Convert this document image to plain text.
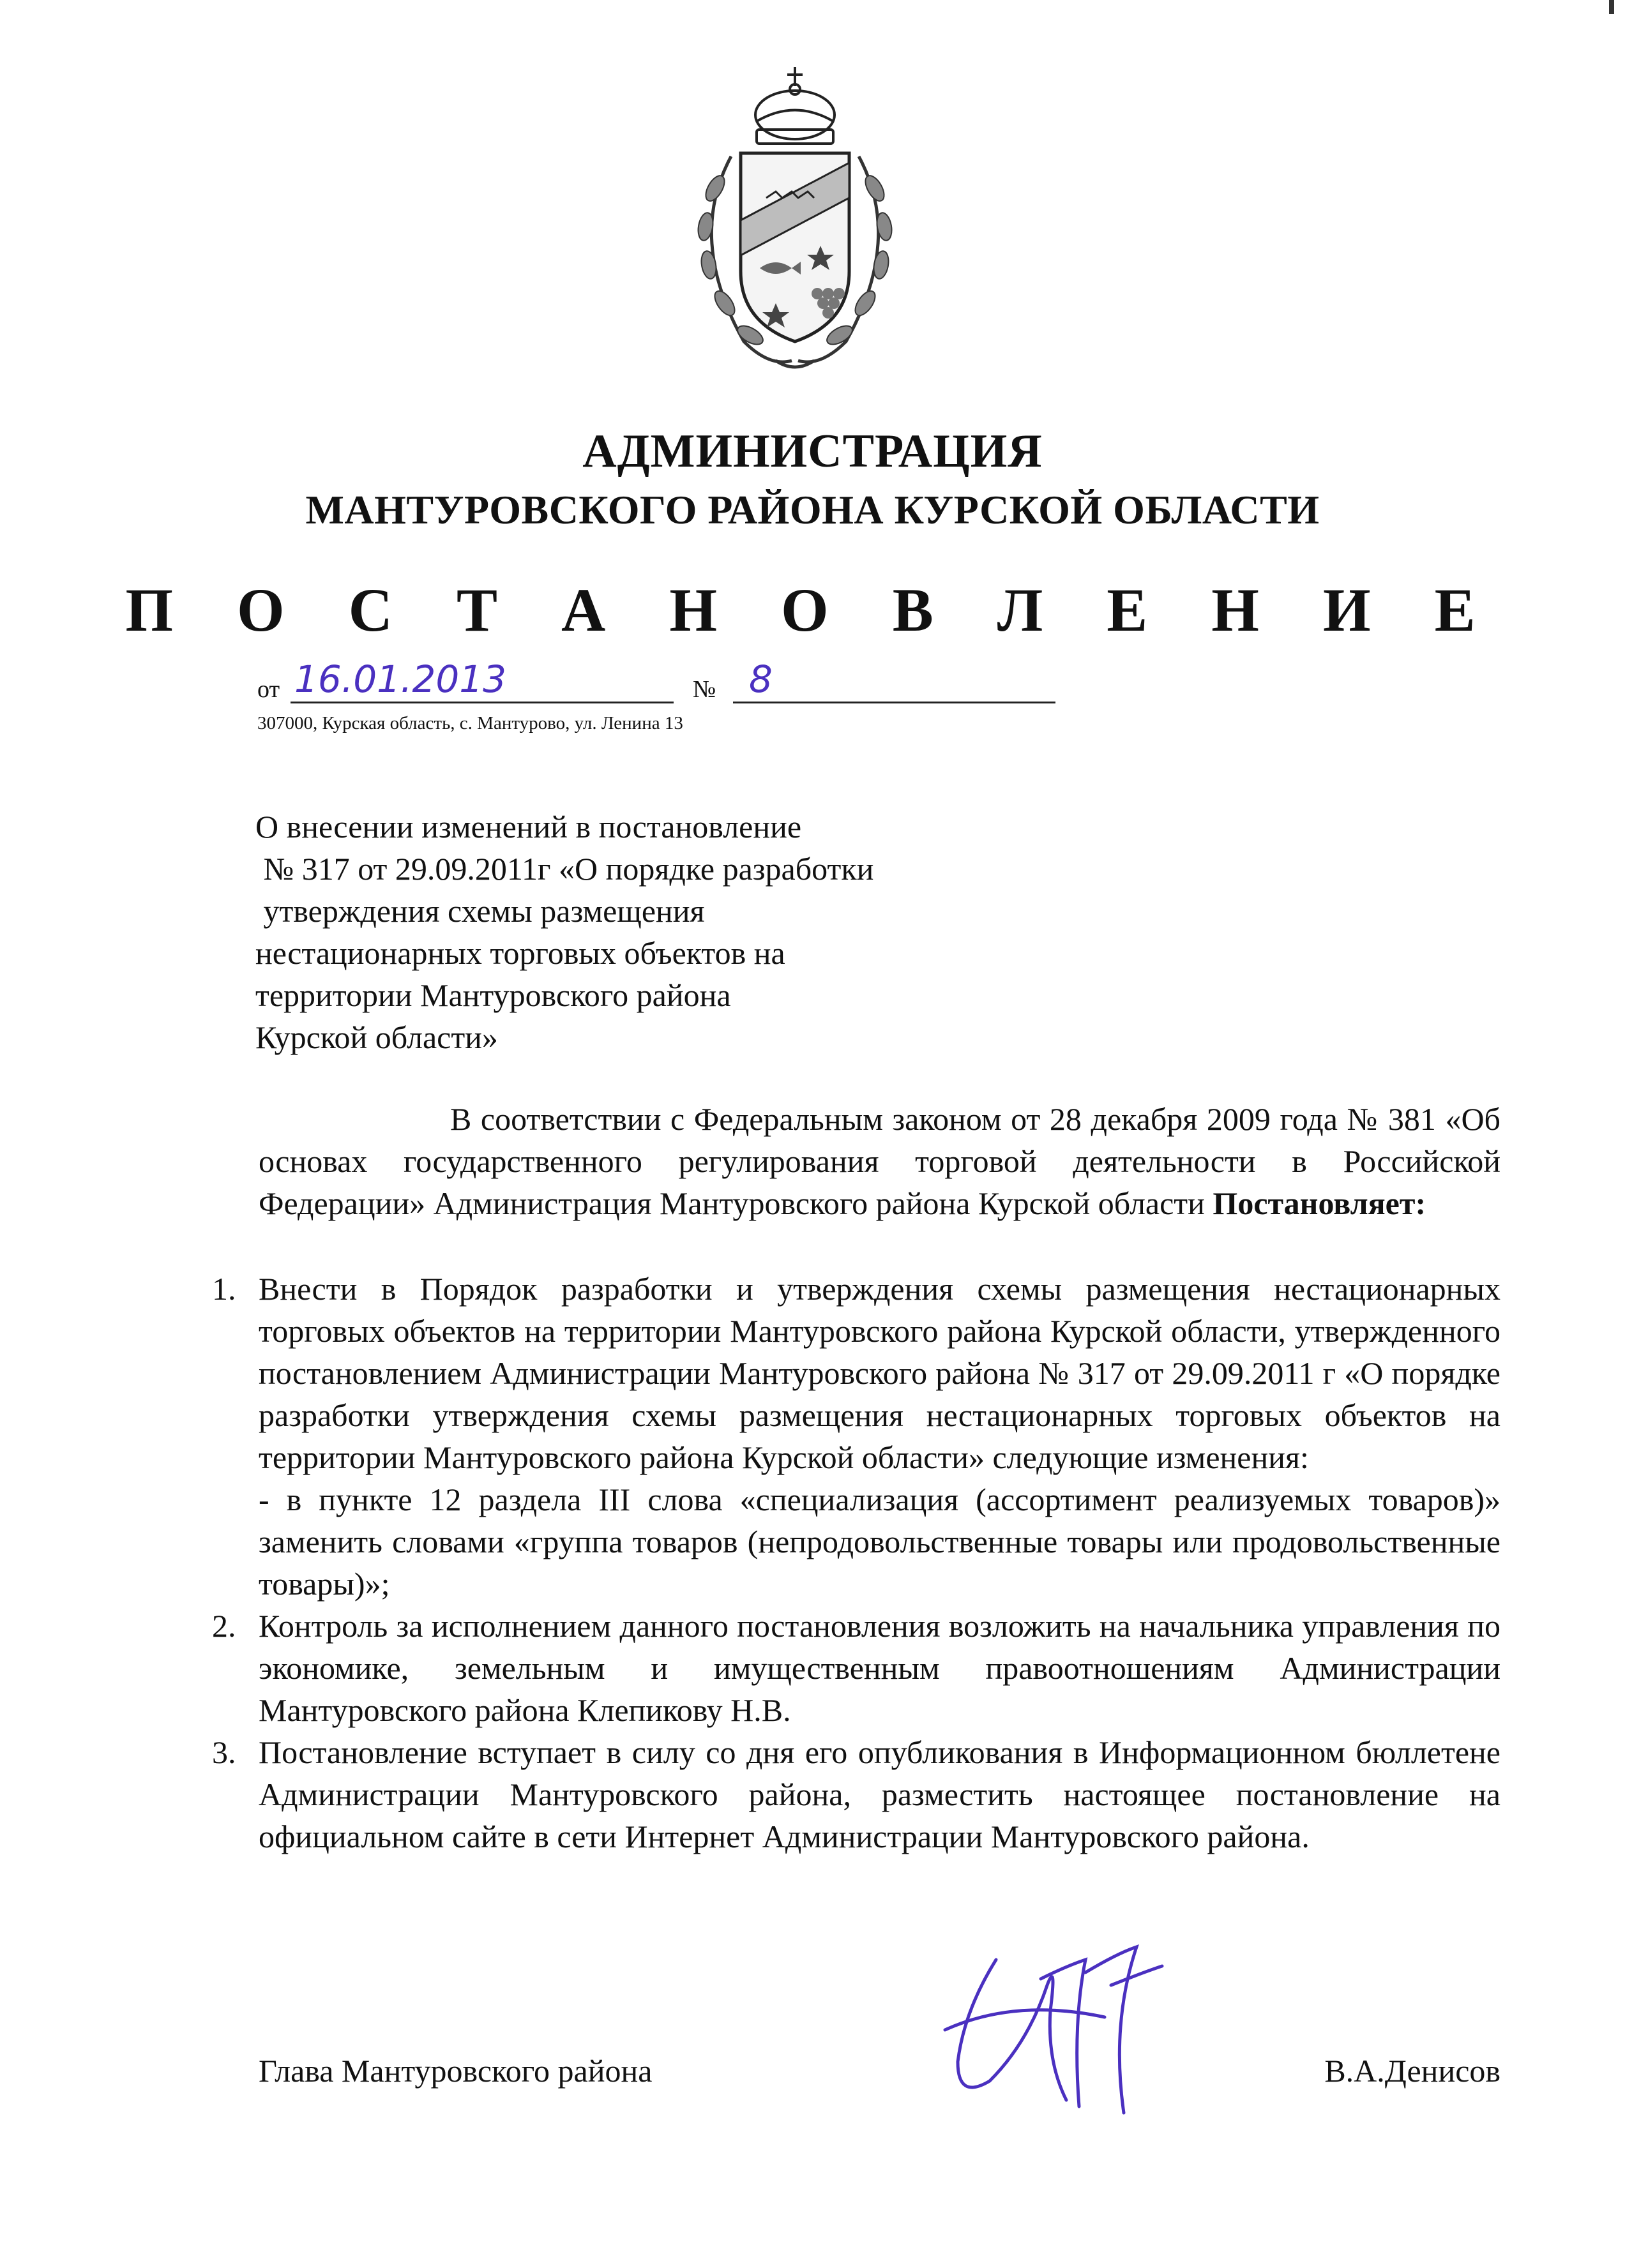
АДМИНИСТРАЦИЯ
МАНТУРОВСКОГО РАЙОНА КУРСКОЙ ОБЛАСТИ
П О С Т А Н О В Л Е Н И Е
от 16.01.2013	№ 8
307000, Курская область, с. Мантурово, ул. Ленина 13
О внесении изменений в постановление
№ 317 от 29.09.2011г «О порядке разработки
утверждения схемы размещения
нестационарных торговых объектов на
территории Мантуровского района
Курской области»
В соответствии с Федеральным законом от 28 декабря 2009 года № 381 «Об основах государственного регулирования торговой деятельности в Российской Федерации» Администрация Мантуровского района Курской области Постановляет:
1. Внести в Порядок разработки и утверждения схемы размещения нестационарных торговых объектов на территории Мантуровского района Курской области, утвержденного постановлением Администрации Мантуровского района № 317 от 29.09.2011 г «О порядке разработки утверждения схемы размещения нестационарных торговых объектов на территории Мантуровского района Курской области» следующие изменения:
- в пункте 12 раздела III слова «специализация (ассортимент реализуемых товаров)» заменить словами «группа товаров (непродовольственные товары или продовольственные товары)»;
2. Контроль за исполнением данного постановления возложить на начальника управления по экономике, земельным и имущественным правоотношениям Администрации Мантуровского района Клепикову Н.В.
3. Постановление вступает в силу со дня его опубликования в Информационном бюллетене Администрации Мантуровского района, разместить настоящее постановление на официальном сайте в сети Интернет Администрации Мантуровского района.
Глава Мантуровского района	В.А.Денисов
